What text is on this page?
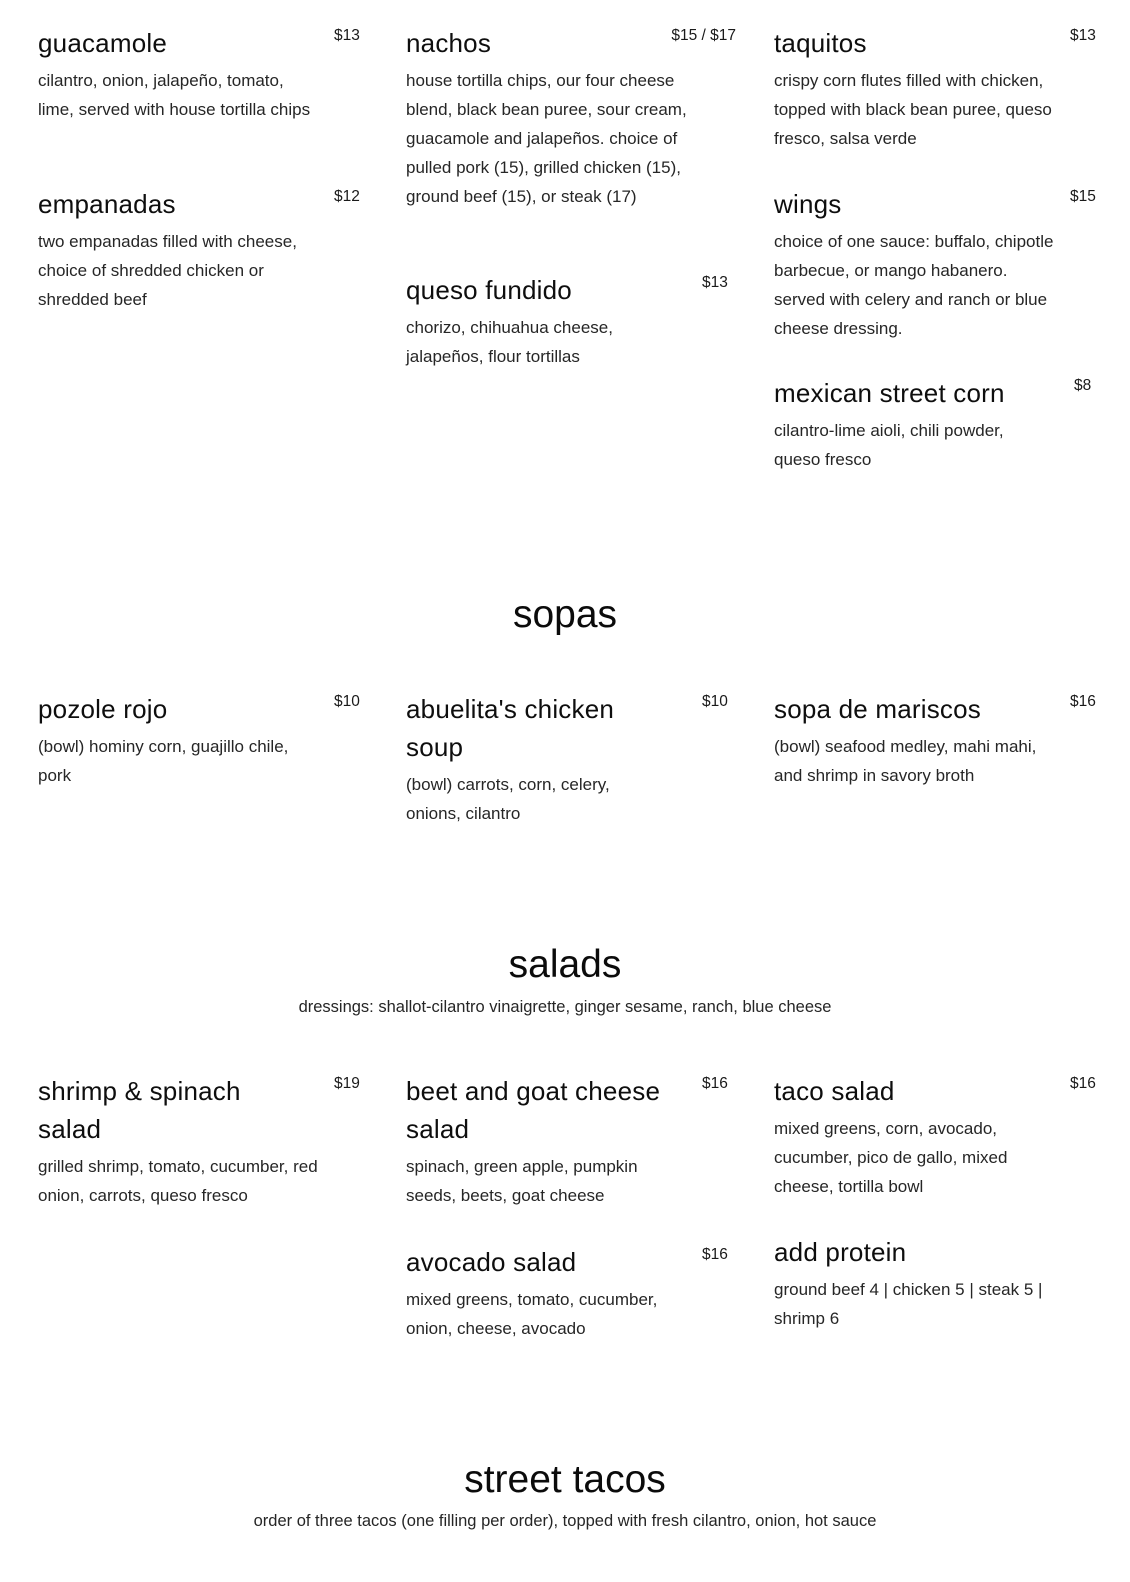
guacamole	$13
cilantro, onion, jalapeño, tomato, lime, served with house tortilla chips
empanadas	$12
two empanadas filled with cheese, choice of shredded chicken or shredded beef
nachos	$15 / $17
house tortilla chips, our four cheese blend, black bean puree, sour cream, guacamole and jalapeños. choice of pulled pork (15), grilled chicken (15), ground beef (15), or steak (17)
queso fundido	$13
chorizo, chihuahua cheese, jalapeños, flour tortillas
taquitos	$13
crispy corn flutes filled with chicken, topped with black bean puree, queso fresco, salsa verde
wings	$15
choice of one sauce: buffalo, chipotle barbecue, or mango habanero. served with celery and ranch or blue cheese dressing.
mexican street corn	$8
cilantro-lime aioli, chili powder, queso fresco
sopas
pozole rojo	$10
(bowl) hominy corn, guajillo chile, pork
abuelita's chicken soup
$10
(bowl) carrots, corn, celery, onions, cilantro
sopa de mariscos	$16
(bowl) seafood medley, mahi mahi, and shrimp in savory broth
salads
dressings: shallot-cilantro vinaigrette, ginger sesame, ranch, blue cheese
shrimp & spinach salad
$19
grilled shrimp, tomato, cucumber, red onion, carrots, queso fresco
beet and goat cheese salad
$16
spinach, green apple, pumpkin seeds, beets, goat cheese
avocado salad	$16
mixed greens, tomato, cucumber, onion, cheese, avocado
taco salad	$16
mixed greens, corn, avocado, cucumber, pico de gallo, mixed cheese, tortilla bowl
add protein
ground beef 4 | chicken 5 | steak 5 | shrimp 6
street tacos
order of three tacos (one filling per order), topped with fresh cilantro, onion, hot sauce
